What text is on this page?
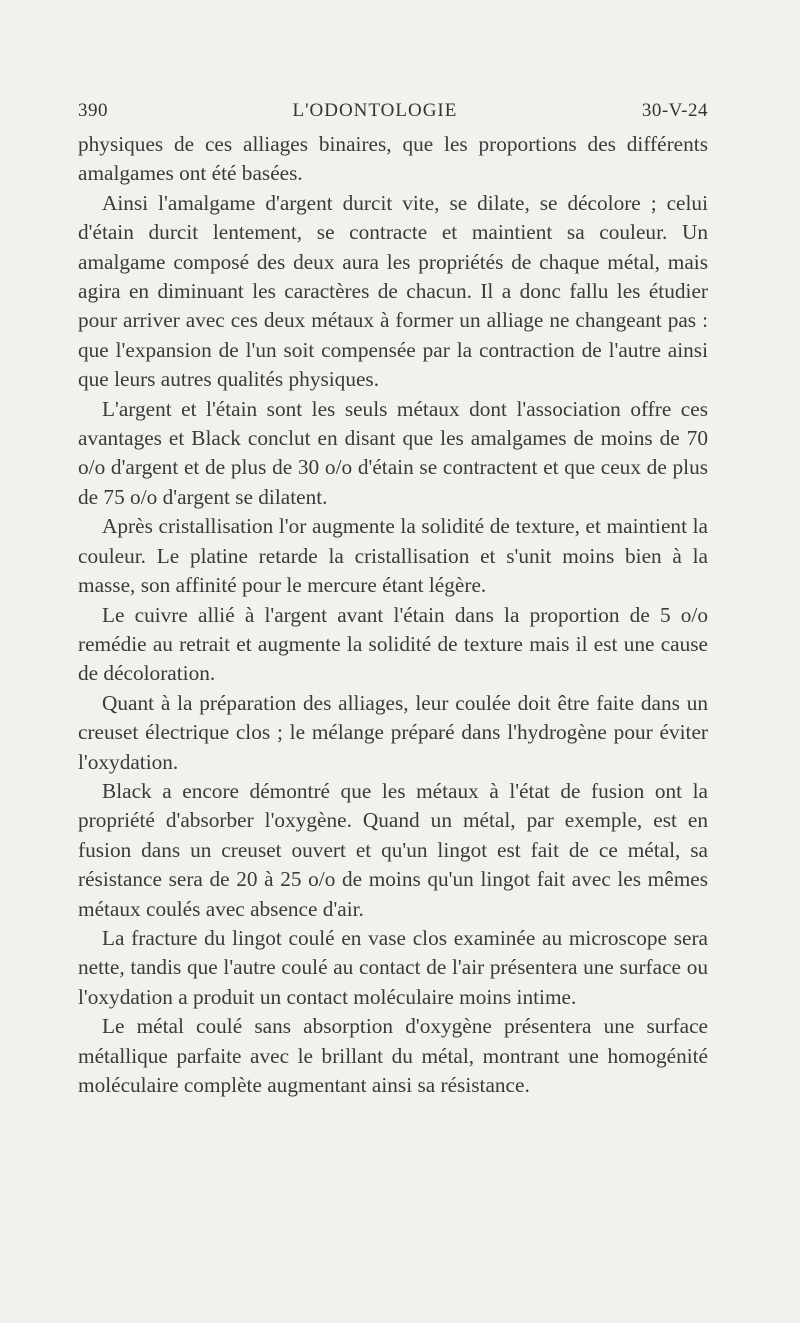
390	L'ODONTOLOGIE	30-V-24

physiques de ces alliages binaires, que les proportions des différents amalgames ont été basées.

Ainsi l'amalgame d'argent durcit vite, se dilate, se décolore ; celui d'étain durcit lentement, se contracte et maintient sa couleur. Un amalgame composé des deux aura les propriétés de chaque métal, mais agira en diminuant les caractères de chacun. Il a donc fallu les étudier pour arriver avec ces deux métaux à former un alliage ne changeant pas : que l'expansion de l'un soit compensée par la contraction de l'autre ainsi que leurs autres qualités physiques.

L'argent et l'étain sont les seuls métaux dont l'association offre ces avantages et Black conclut en disant que les amalgames de moins de 70 o/o d'argent et de plus de 30 o/o d'étain se contractent et que ceux de plus de 75 o/o d'argent se dilatent.

Après cristallisation l'or augmente la solidité de texture, et maintient la couleur. Le platine retarde la cristallisation et s'unit moins bien à la masse, son affinité pour le mercure étant légère.

Le cuivre allié à l'argent avant l'étain dans la proportion de 5 o/o remédie au retrait et augmente la solidité de texture mais il est une cause de décoloration.

Quant à la préparation des alliages, leur coulée doit être faite dans un creuset électrique clos ; le mélange préparé dans l'hydrogène pour éviter l'oxydation.

Black a encore démontré que les métaux à l'état de fusion ont la propriété d'absorber l'oxygène. Quand un métal, par exemple, est en fusion dans un creuset ouvert et qu'un lingot est fait de ce métal, sa résistance sera de 20 à 25 o/o de moins qu'un lingot fait avec les mêmes métaux coulés avec absence d'air.

La fracture du lingot coulé en vase clos examinée au microscope sera nette, tandis que l'autre coulé au contact de l'air présentera une surface ou l'oxydation a produit un contact moléculaire moins intime.

Le métal coulé sans absorption d'oxygène présentera une surface métallique parfaite avec le brillant du métal, montrant une homogénité moléculaire complète augmentant ainsi sa résistance.
